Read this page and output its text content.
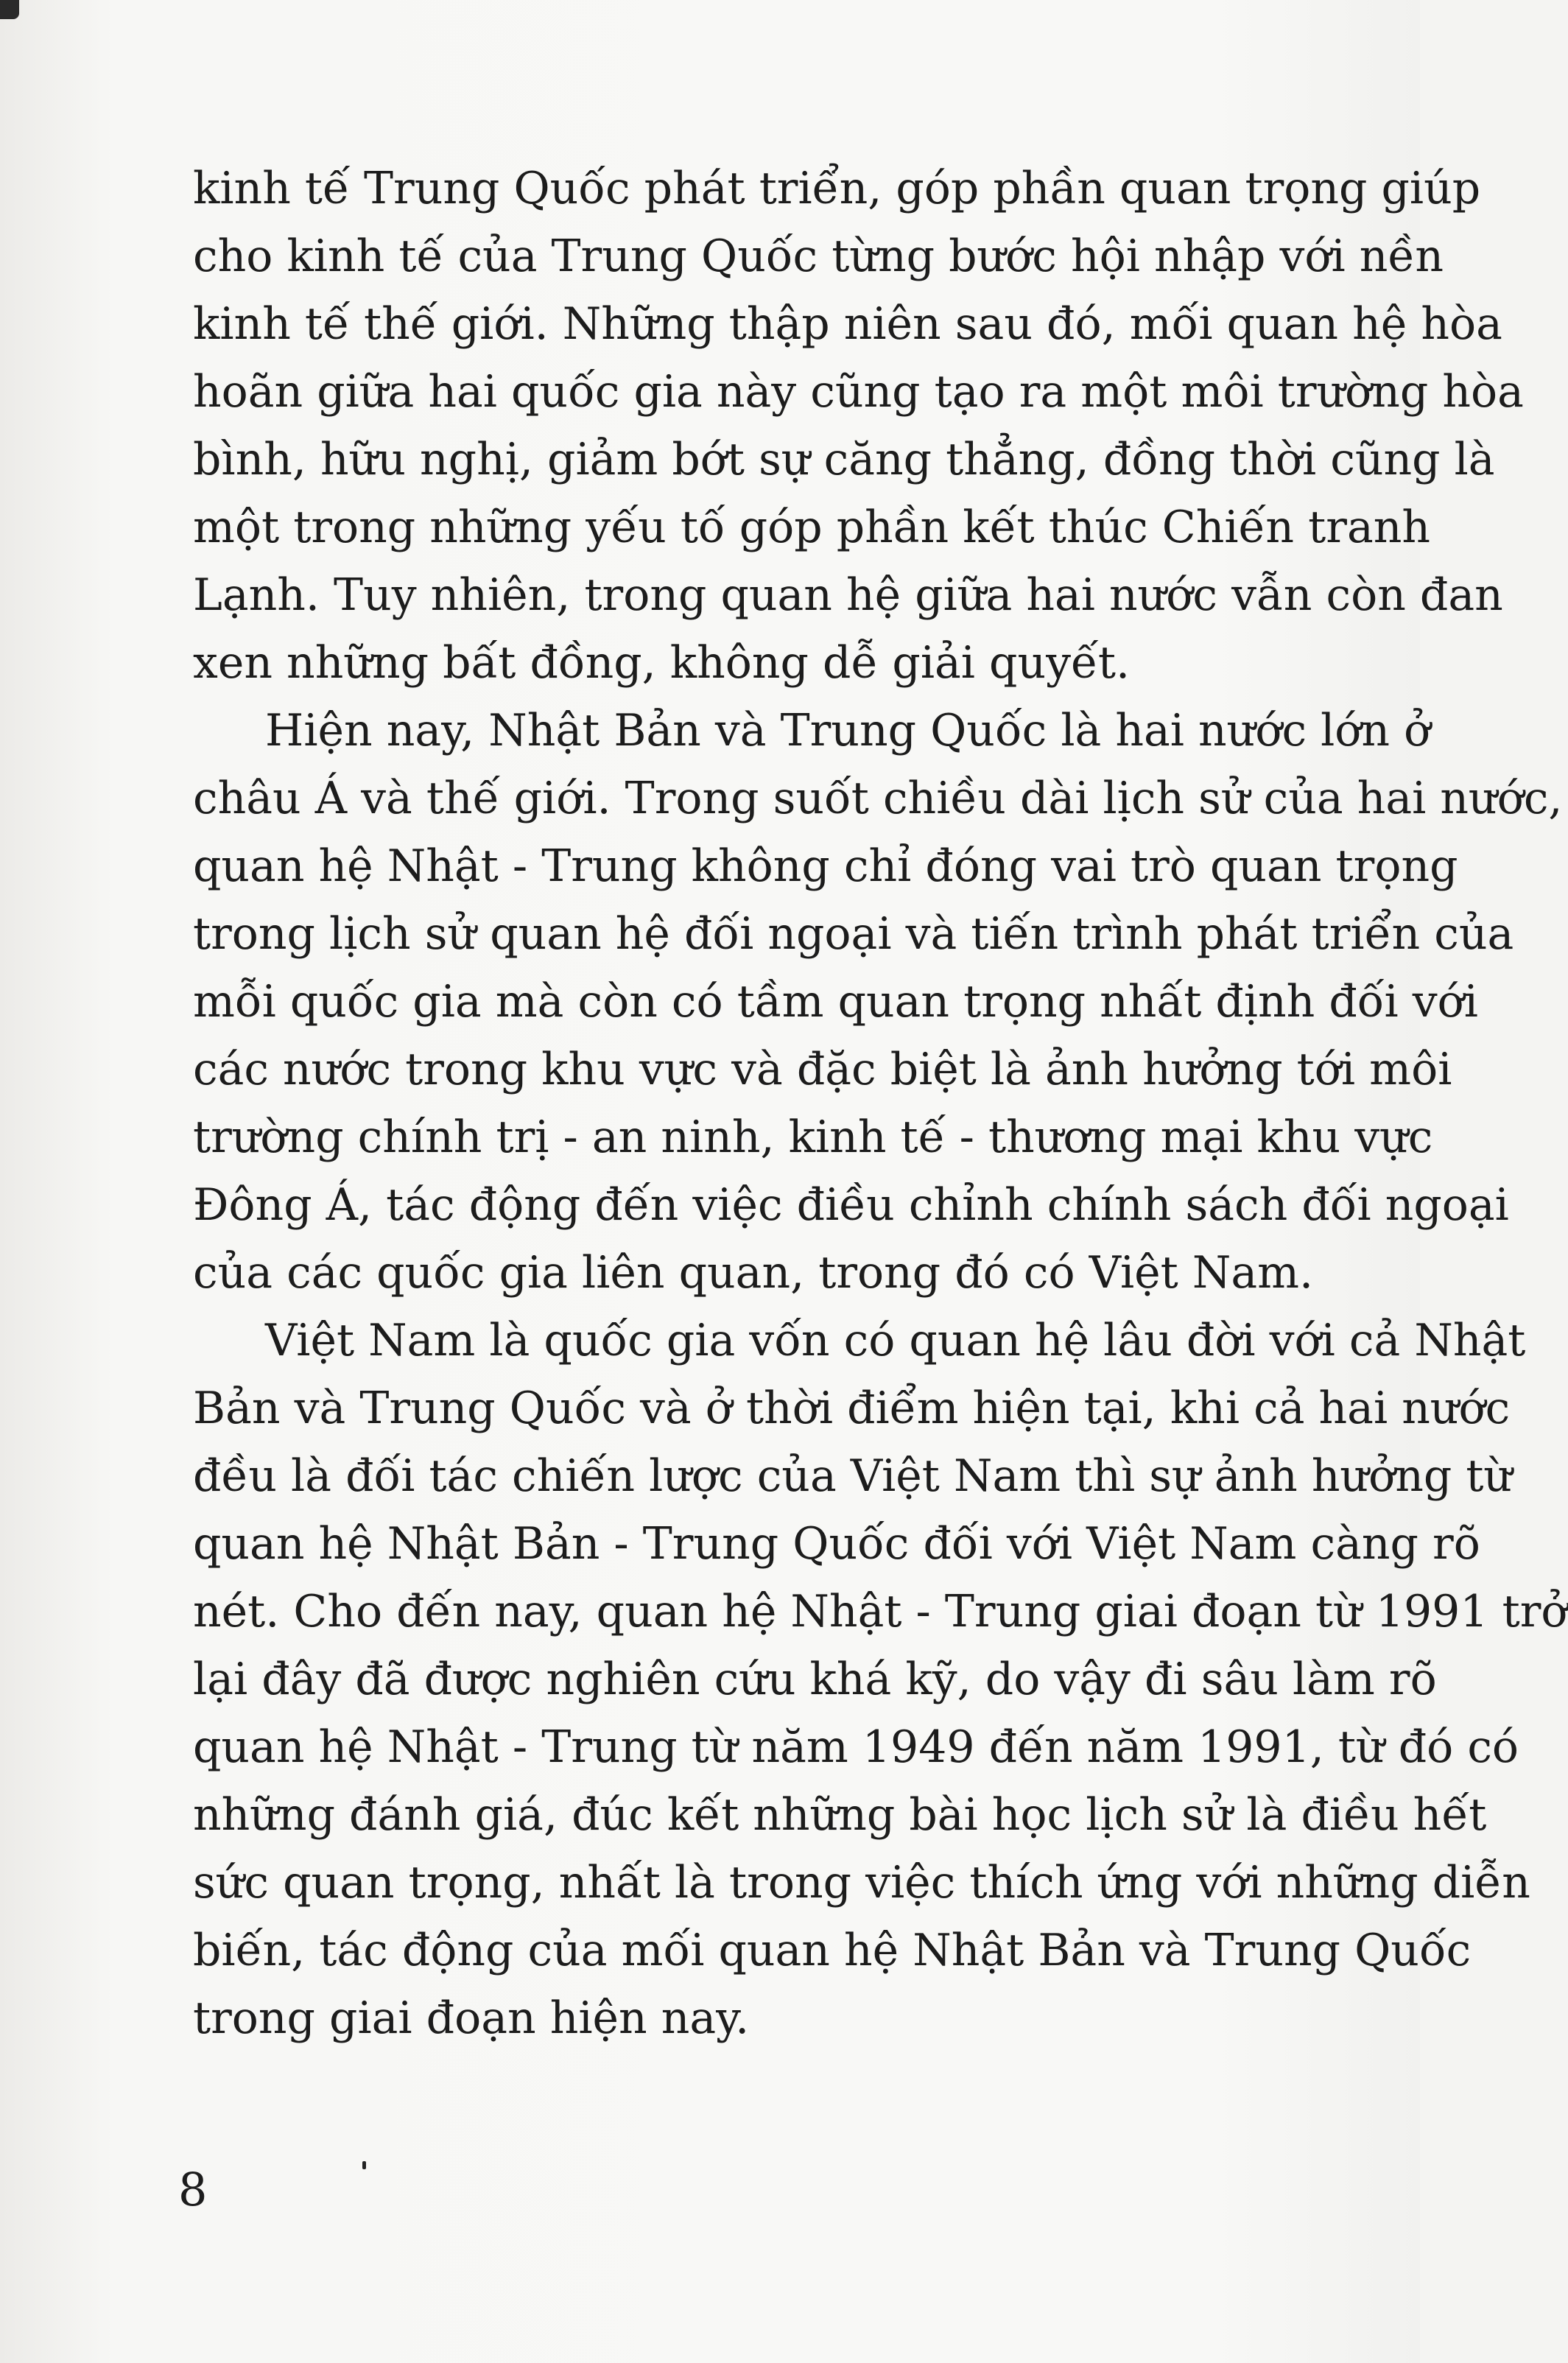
kinh tế Trung Quốc phát triển, góp phần quan trọng giúp
cho kinh tế của Trung Quốc từng bước hội nhập với nền
kinh tế thế giới. Những thập niên sau đó, mối quan hệ hòa
hoãn giữa hai quốc gia này cũng tạo ra một môi trường hòa
bình, hữu nghị, giảm bớt sự căng thẳng, đồng thời cũng là
một trong những yếu tố góp phần kết thúc Chiến tranh
Lạnh. Tuy nhiên, trong quan hệ giữa hai nước vẫn còn đan
xen những bất đồng, không dễ giải quyết.
Hiện nay, Nhật Bản và Trung Quốc là hai nước lớn ở
châu Á và thế giới. Trong suốt chiều dài lịch sử của hai nước,
quan hệ Nhật - Trung không chỉ đóng vai trò quan trọng
trong lịch sử quan hệ đối ngoại và tiến trình phát triển của
mỗi quốc gia mà còn có tầm quan trọng nhất định đối với
các nước trong khu vực và đặc biệt là ảnh hưởng tới môi
trường chính trị - an ninh, kinh tế - thương mại khu vực
Đông Á, tác động đến việc điều chỉnh chính sách đối ngoại
của các quốc gia liên quan, trong đó có Việt Nam.
Việt Nam là quốc gia vốn có quan hệ lâu đời với cả Nhật
Bản và Trung Quốc và ở thời điểm hiện tại, khi cả hai nước
đều là đối tác chiến lược của Việt Nam thì sự ảnh hưởng từ
quan hệ Nhật Bản - Trung Quốc đối với Việt Nam càng rõ
nét. Cho đến nay, quan hệ Nhật - Trung giai đoạn từ 1991 trở
lại đây đã được nghiên cứu khá kỹ, do vậy đi sâu làm rõ
quan hệ Nhật - Trung từ năm 1949 đến năm 1991, từ đó có
những đánh giá, đúc kết những bài học lịch sử là điều hết
sức quan trọng, nhất là trong việc thích ứng với những diễn
biến, tác động của mối quan hệ Nhật Bản và Trung Quốc
trong giai đoạn hiện nay.
8
